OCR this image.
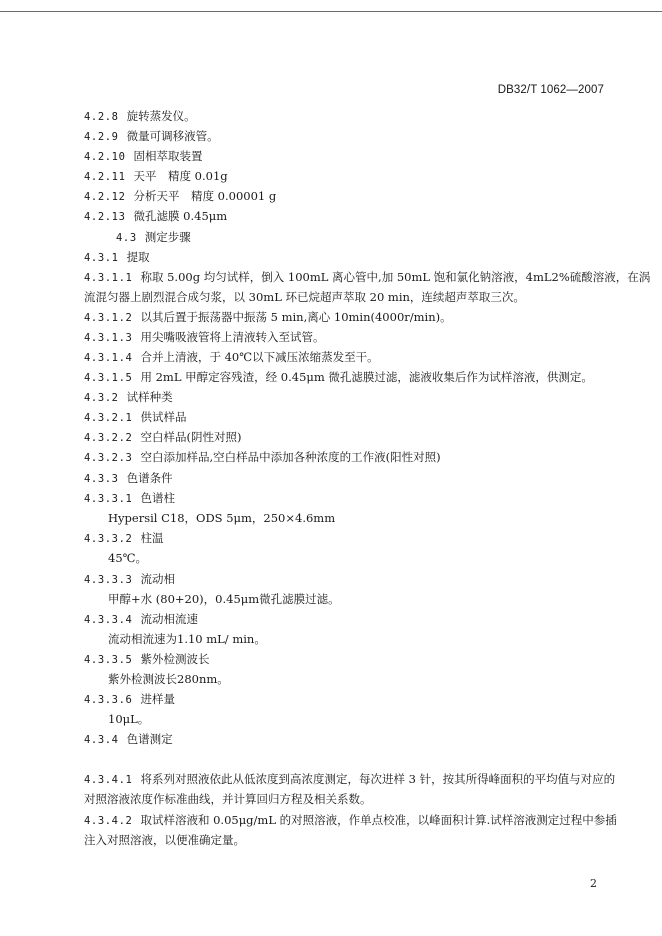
DB32/T 1062—2007
4.2.8 旋转蒸发仪。
4.2.9 微量可调移液管。
4.2.10 固相萃取装置
4.2.11 天平　精度 0.01g
4.2.12 分析天平　精度 0.00001 g
4.2.13 微孔滤膜 0.45μm
4.3 测定步骤
4.3.1 提取
4.3.1.1 称取 5.00g 均匀试样，倒入 100mL 离心管中,加 50mL 饱和氯化钠溶液，4mL2%硫酸溶液，在涡
流混匀器上剧烈混合成匀浆，以 30mL 环已烷超声萃取 20 min，连续超声萃取三次。
4.3.1.2 以其后置于振荡器中振荡 5 min,离心 10min(4000r/min)。
4.3.1.3 用尖嘴吸液管将上清液转入至试管。
4.3.1.4 合并上清液，于 40℃以下减压浓缩蒸发至干。
4.3.1.5 用 2mL 甲醇定容残渣，经 0.45μm 微孔滤膜过滤，滤液收集后作为试样溶液，供测定。
4.3.2 试样种类
4.3.2.1 供试样品
4.3.2.2 空白样品(阴性对照)
4.3.2.3 空白添加样品,空白样品中添加各种浓度的工作液(阳性对照)
4.3.3 色谱条件
4.3.3.1 色谱柱
Hypersil C18，ODS 5μm，250×4.6mm
4.3.3.2 柱温
45℃。
4.3.3.3 流动相
甲醇+水 (80+20)，0.45μm微孔滤膜过滤。
4.3.3.4 流动相流速
流动相流速为1.10 mL/ min。
4.3.3.5 紫外检测波长
紫外检测波长280nm。
4.3.3.6 进样量
10μL。
4.3.4 色谱测定
4.3.4.1 将系列对照液依此从低浓度到高浓度测定，每次进样 3 针，按其所得峰面积的平均值与对应的
对照溶液浓度作标准曲线，并计算回归方程及相关系数。
4.3.4.2 取试样溶液和 0.05μg/mL 的对照溶液，作单点校准，以峰面积计算.试样溶液测定过程中参插
注入对照溶液，以便准确定量。
2
